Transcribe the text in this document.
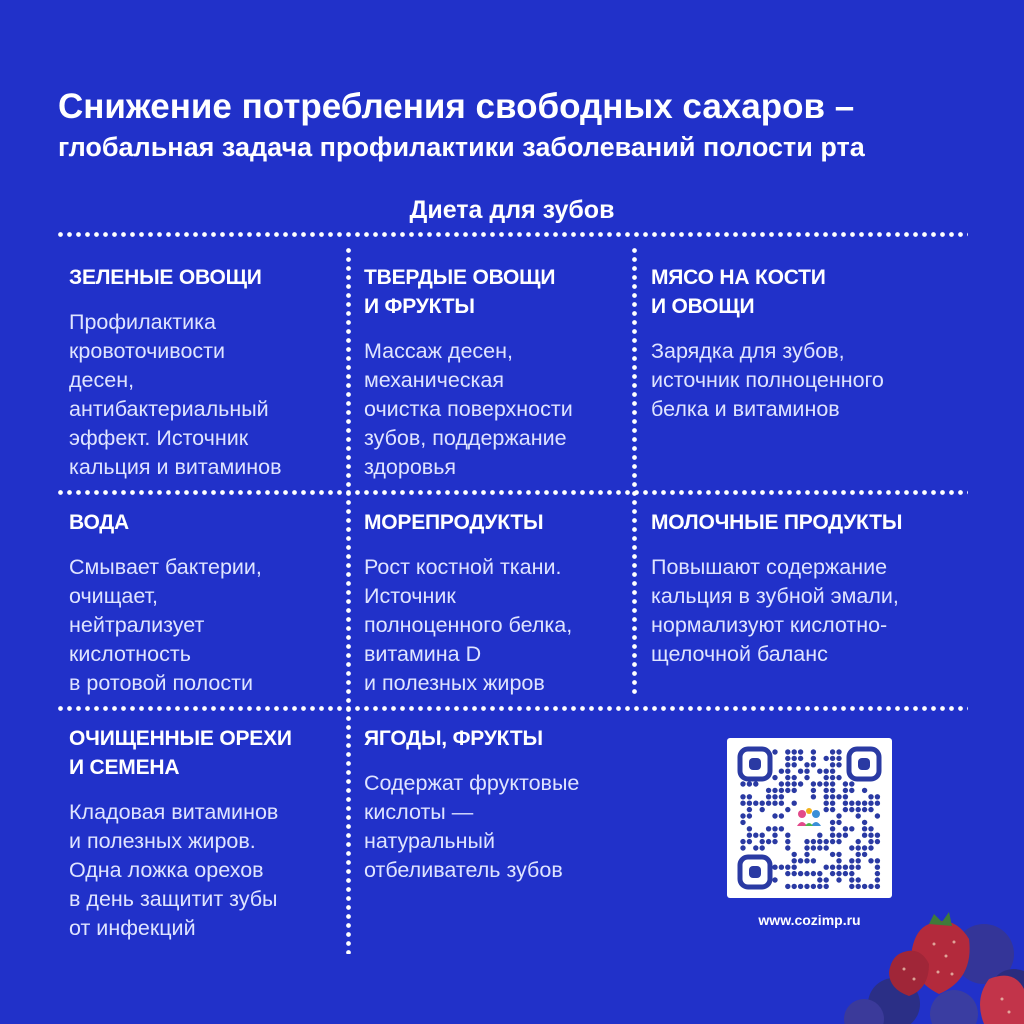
Снижение потребления свободных сахаров –
глобальная задача профилактики заболеваний полости рта
Диета для зубов
ЗЕЛЕНЫЕ ОВОЩИ

Профилактика
кровоточивости
десен,
антибактериальный
эффект. Источник
кальция и витаминов

ТВЕРДЫЕ ОВОЩИ
И ФРУКТЫ

Массаж десен,
механическая
очистка поверхности
зубов, поддержание
здоровья

МЯСО НА КОСТИ
И ОВОЩИ

Зарядка для зубов,
источник полноценного
белка и витаминов

ВОДА

Смывает бактерии,
очищает,
нейтрализует
кислотность
в ротовой полости

МОРЕПРОДУКТЫ

Рост костной ткани.
Источник
полноценного белка,
витамина D
и полезных жиров

МОЛОЧНЫЕ ПРОДУКТЫ

Повышают содержание
кальция в зубной эмали,
нормализуют кислотно-
щелочной баланс

ОЧИЩЕННЫЕ ОРЕХИ
И СЕМЕНА

Кладовая витаминов
и полезных жиров.
Одна ложка орехов
в день защитит зубы
от инфекций

ЯГОДЫ, ФРУКТЫ

Содержат фруктовые
кислоты —
натуральный
отбеливатель зубов

www.cozimp.ru
